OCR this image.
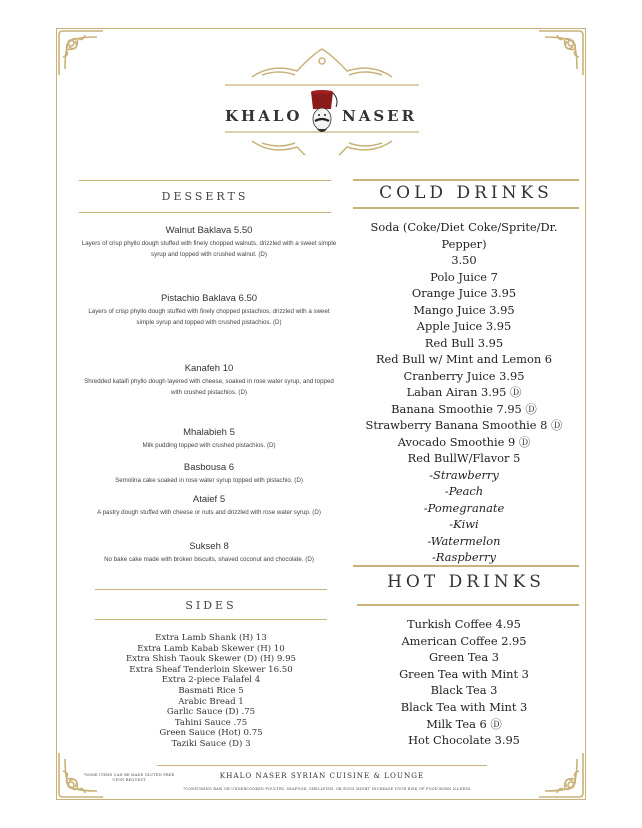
KHALO	NASER
DESSERTS
Walnut Baklava 5.50
Layers of crisp phyllo dough stuffed with finely chopped walnuts, drizzled with a sweet simple syrup and topped with crushed walnut. (D)
Pistachio Baklava 6.50
Layers of crisp phyllo dough stuffed with finely chopped pistachios, drizzled with a sweet simple syrup and topped with crushed pistachios. (D)
Kanafeh 10
Shredded kataifi phyllo dough layered with cheese, soaked in rose water syrup, and topped with crushed pistachios. (D)
Mhalabieh 5
Milk pudding topped with crushed pistachios. (D)
Basbousa 6
Semolina cake soaked in rose water syrup topped with pistachio. (D)
Ataief 5
A pastry dough stuffed with cheese or nuts and drizzled with rose water syrup. (D)
Sukseh 8
No bake cake made with broken biscuits, shaved coconut and chocolate. (D)
SIDES
Extra Lamb Shank (H) 13
Extra Lamb Kabab Skewer (H) 10
Extra Shish Taouk Skewer (D) (H) 9.95
Extra Sheaf Tenderloin Skewer 16.50
Extra 2-piece Falafel 4
Basmati Rice 5
Arabic Bread 1
Garlic Sauce (D) .75
Tahini Sauce .75
Green Sauce (Hot) 0.75
Taziki Sauce (D) 3
COLD DRINKS
Soda (Coke/Diet Coke/Sprite/Dr. Pepper)
3.50
Polo Juice 7
Orange Juice 3.95
Mango Juice 3.95
Apple Juice 3.95
Red Bull 3.95
Red Bull w/ Mint and Lemon 6
Cranberry Juice 3.95
Laban Airan 3.95 Ⓓ
Banana Smoothie 7.95 Ⓓ
Strawberry Banana Smoothie 8 Ⓓ
Avocado Smoothie 9 Ⓓ
Red BullW/Flavor 5
-Strawberry
-Peach
-Pomegranate
-Kiwi
-Watermelon
-Raspberry
HOT DRINKS
Turkish Coffee 4.95
American Coffee 2.95
Green Tea 3
Green Tea with Mint 3
Black Tea 3
Black Tea with Mint 3
Milk Tea 6 Ⓓ
Hot Chocolate 3.95
*SOME ITEMS CAN BE MADE GLUTEN FREE UPON REQUEST	KHALO NASER SYRIAN CUISINE & LOUNGE
*CONSUMING RAW OR UNDERCOOKED POULTRY, SEAFOOD, SHELLFISH, OR EGGS MIGHT INCREASE YOUR RISK OF FOOD BORN ILLNESS
